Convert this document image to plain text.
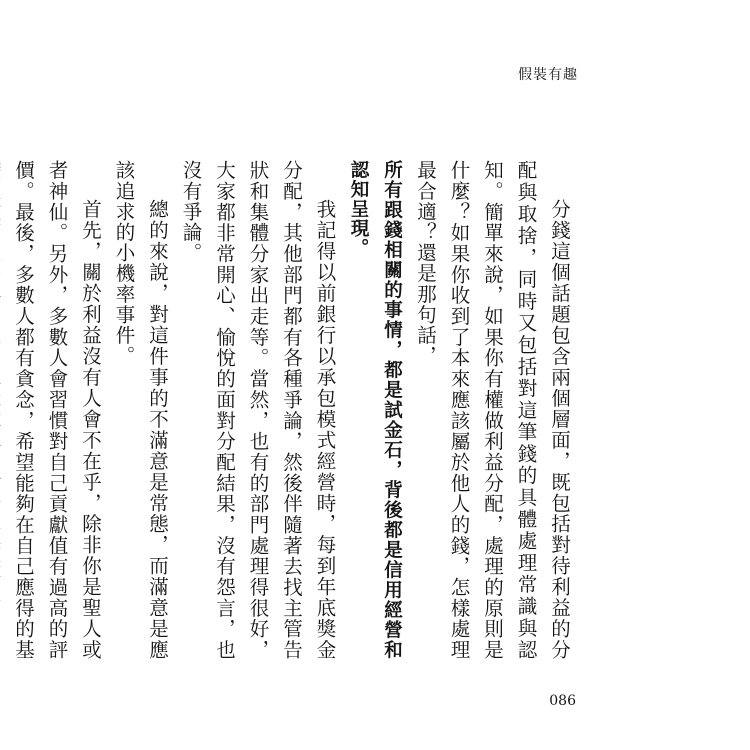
假裝有趣

分錢這個話題包含兩個層面，既包括對待利益的分配與取捨，同時又包括對這筆錢的具體處理常識與認知。簡單來說，如果你有權做利益分配，處理的原則是什麼？如果你收到了本來應該屬於他人的錢，怎樣處理最合適？還是那句話，

所有跟錢相關的事情，都是試金石，背後都是信用經營和認知呈現。

我記得以前銀行以承包模式經營時，每到年底獎金分配，其他部門都有各種爭論，然後伴隨著去找主管告狀和集體分家出走等。當然，也有的部門處理得很好，大家都非常開心、愉悅的面對分配結果，沒有怨言，也沒有爭論。

總的來說，對這件事的不滿意是常態，而滿意是應該追求的小機率事件。

首先，關於利益沒有人會不在乎，除非你是聖人或者神仙。另外，多數人會習慣對自己貢獻值有過高的評價。最後，多數人都有貪念，希望能夠在自己應得的基

086
